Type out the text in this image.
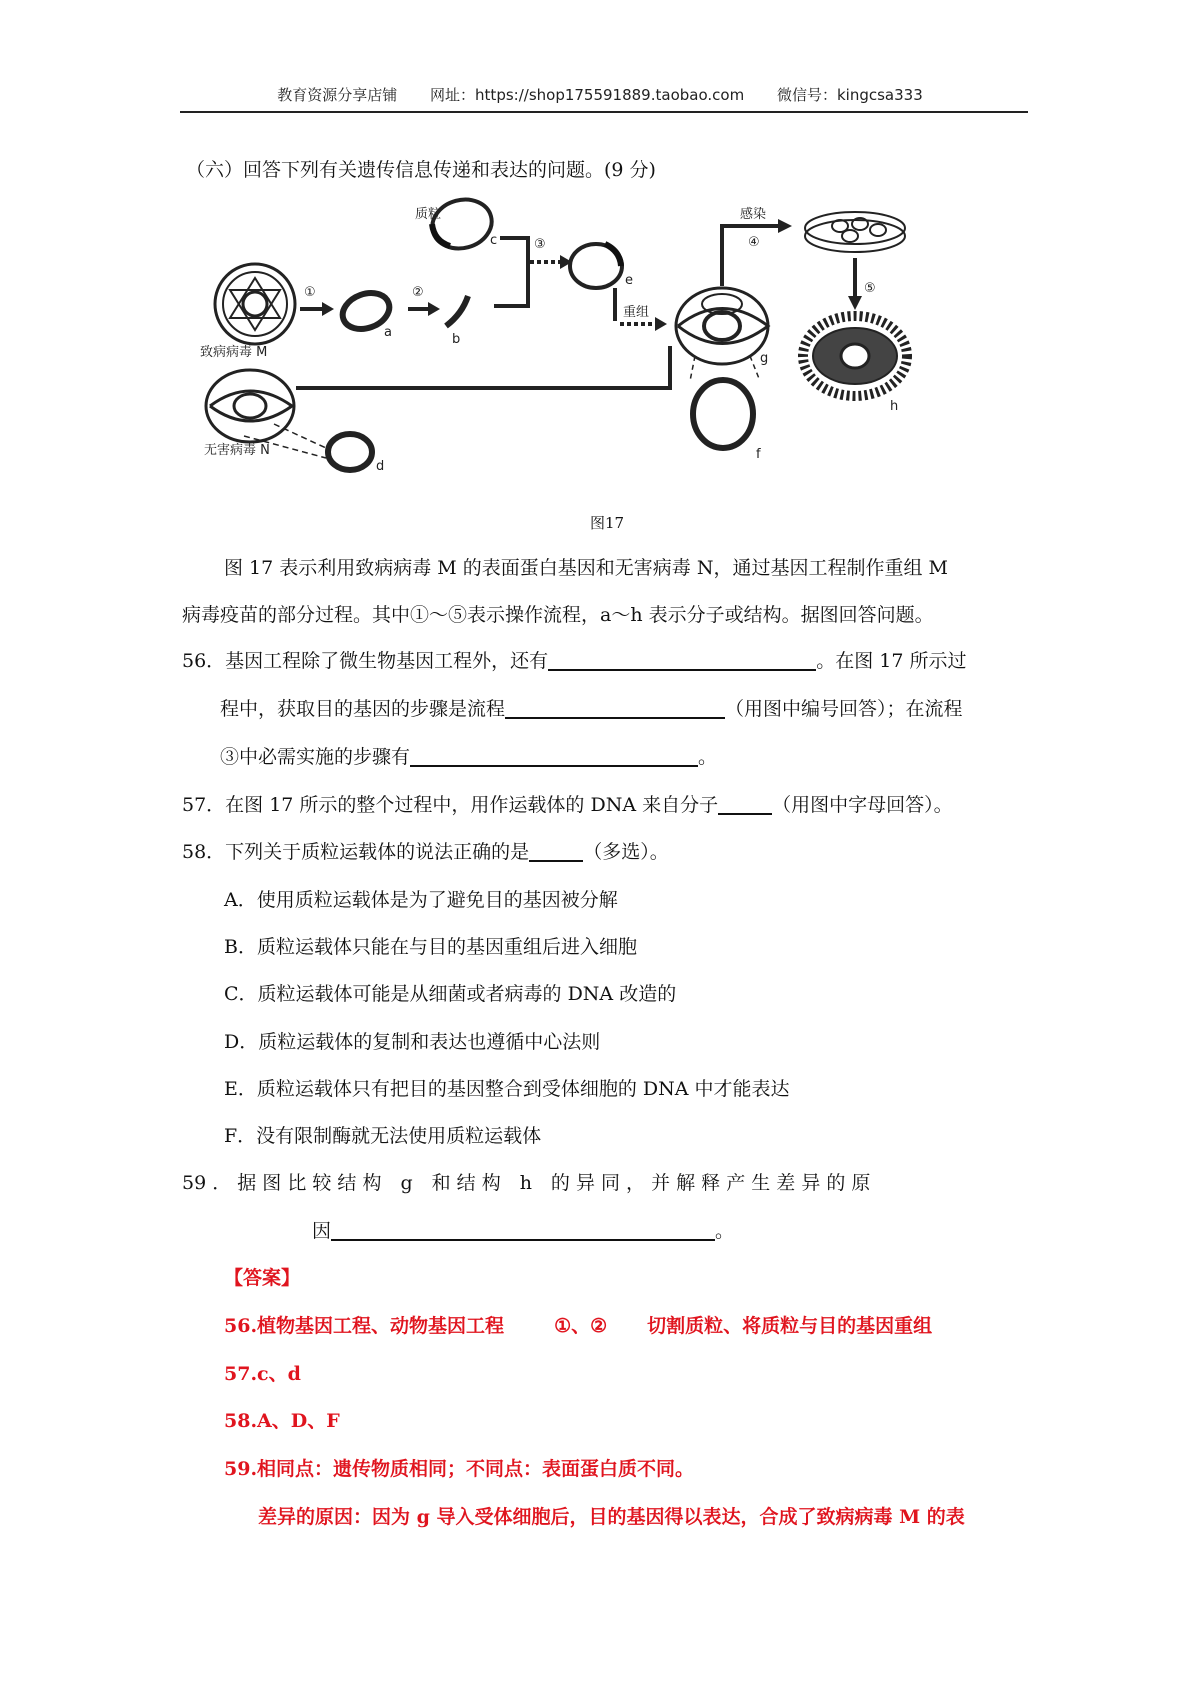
教育资源分享店铺 网址：https://shop175591889.taobao.com 微信号：kingcsa333
（六）回答下列有关遗传信息传递和表达的问题。(9 分)
质粒
致病病毒 M
无害病毒 N
重组
感染
①	②
③	④
⑤
a	b
c
d
e
f
g
h
图17
图 17 表示利用致病病毒 M 的表面蛋白基因和无害病毒 N，通过基因工程制作重组 M
病毒疫苗的部分过程。其中①～⑤表示操作流程，a～h 表示分子或结构。据图回答问题。
56．基因工程除了微生物基因工程外，还有	。在图 17 所示过
程中，获取目的基因的步骤是流程	（用图中编号回答）；在流程
③中必需实施的步骤有	。
57．在图 17 所示的整个过程中，用作运载体的 DNA 来自分子	（用图中字母回答）。
58．下列关于质粒运载体的说法正确的是	（多选）。
A．使用质粒运载体是为了避免目的基因被分解
B．质粒运载体只能在与目的基因重组后进入细胞
C．质粒运载体可能是从细菌或者病毒的 DNA 改造的
D．质粒运载体的复制和表达也遵循中心法则
E．质粒运载体只有把目的基因整合到受体细胞的 DNA 中才能表达
F．没有限制酶就无法使用质粒运载体
59 ． 据 图 比 较 结 构　g　和 结 构　h　的 异 同 ， 并 解 释 产 生 差 异 的 原
因	。
【答案】
56.植物基因工程、动物基因工程	①、② 切割质粒、将质粒与目的基因重组
57.c、d
58.A、D、F
59.相同点：遗传物质相同；不同点：表面蛋白质不同。
差异的原因：因为 g 导入受体细胞后，目的基因得以表达，合成了致病病毒 M 的表
